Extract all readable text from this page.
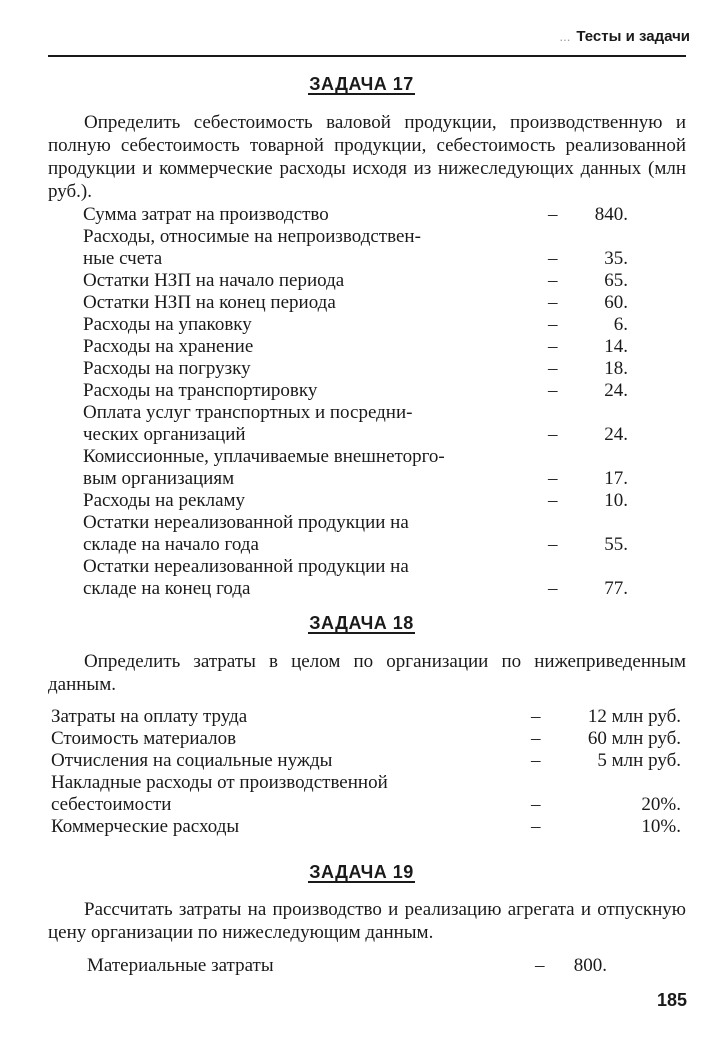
... Тесты и задачи
ЗАДАЧА 17
Определить себестоимость валовой продукции, производственную и полную себестоимость товарной продукции, себестоимость реализованной продукции и коммерческие расходы исходя из нижеследующих данных (млн руб.).
Сумма затрат на производство	–	840.
Расходы, относимые на непроизводствен-
ные счета	–	35.
Остатки НЗП на начало периода	–	65.
Остатки НЗП на конец периода	–	60.
Расходы на упаковку	–	6.
Расходы на хранение	–	14.
Расходы на погрузку	–	18.
Расходы на транспортировку	–	24.
Оплата услуг транспортных и посредни-
ческих организаций	–	24.
Комиссионные, уплачиваемые внешнеторго-
вым организациям	–	17.
Расходы на рекламу	–	10.
Остатки нереализованной продукции на
складе на начало года	–	55.
Остатки нереализованной продукции на
складе на конец года	–	77.
ЗАДАЧА 18
Определить затраты в целом по организации по нижеприведенным данным.
Затраты на оплату труда	–	12 млн руб.
Стоимость материалов	–	60 млн руб.
Отчисления на социальные нужды	–	5 млн руб.
Накладные расходы от производственной
себестоимости	–	20%.
Коммерческие расходы	–	10%.
ЗАДАЧА 19
Рассчитать затраты на производство и реализацию агрегата и отпускную цену организации по нижеследующим данным.
Материальные затраты	–	800.
185
